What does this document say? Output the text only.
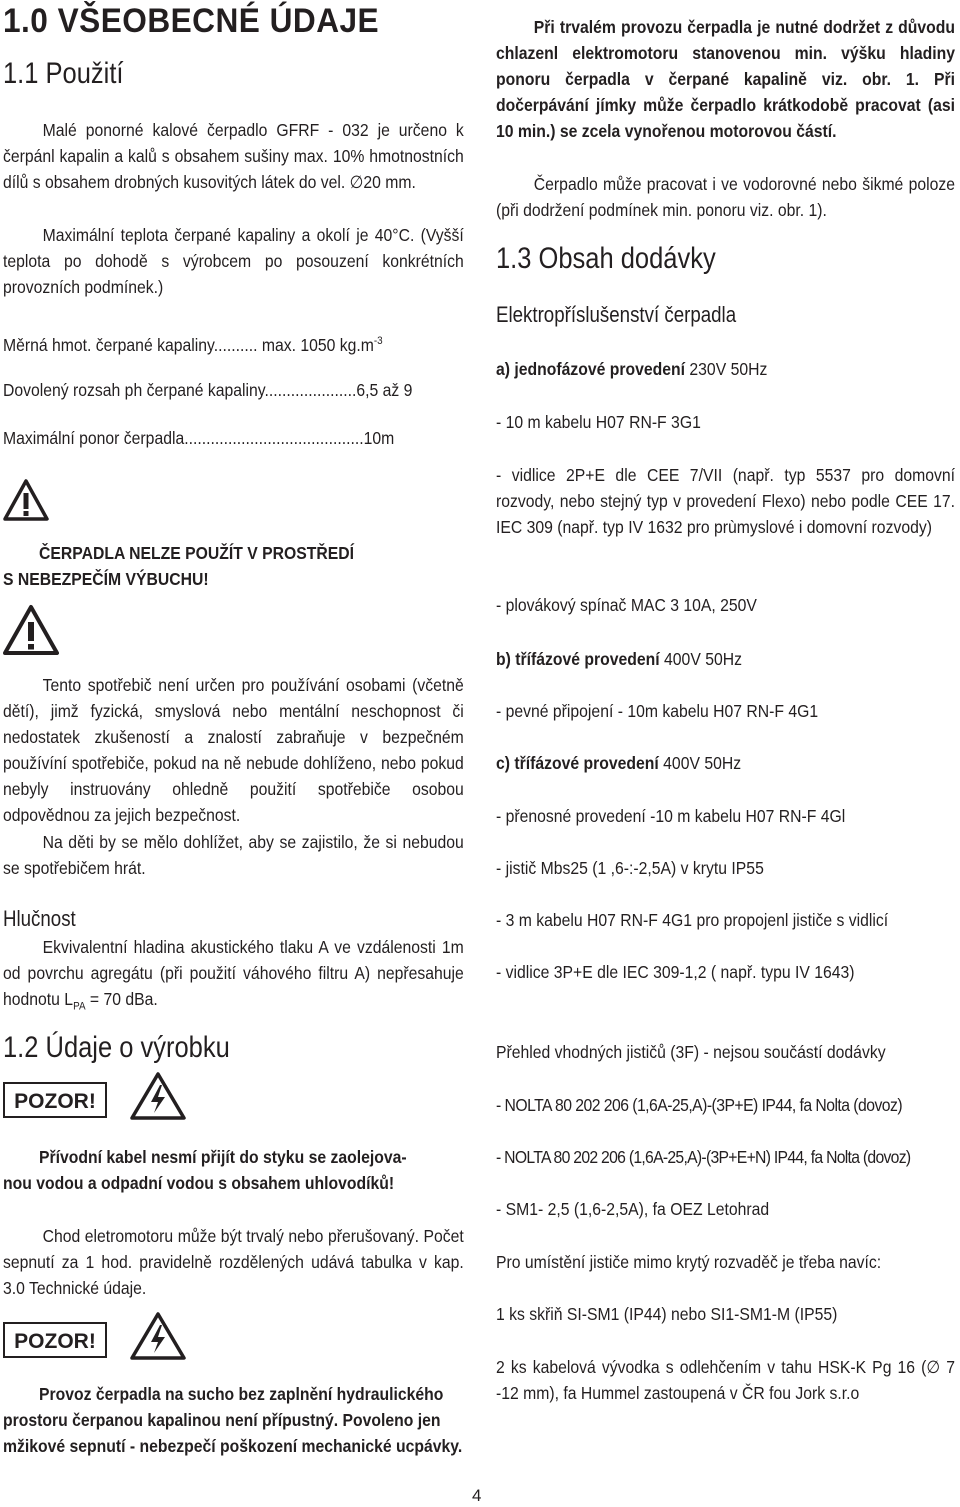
1.0 VŠEOBECNÉ ÚDAJE
1.1 Použití
Malé ponorné kalové čerpadlo GFRF - 032 je určeno k čerpánl kapalin a kalů s obsahem sušiny max. 10% hmotnostních dílů s obsahem drobných kusovitých látek do vel. ∅20 mm.
Maximální teplota čerpané kapaliny a okolí je 40°C. (Vyšší teplota po dohodě s výrobcem po posouzení konkrétních provozních podmínek.)
Měrná hmot. čerpané kapaliny.......... max. 1050 $kg.m^{-3}$
Dovolený rozsah ph čerpané kapaliny.....................6,5 až 9
Maximální ponor čerpadla.........................................10m
ČERPADLA NELZE POUŽÍT V PROSTŘEDÍ
S NEBEZPEČÍM VÝBUCHU!
Tento spotřebič není určen pro používání osobami (včetně dětí), jimž fyzická, smyslová nebo mentální neschopnost či nedostatek zkušeností a znalostí zabraňuje v bezpečném používíní spotřebiče, pokud na ně nebude dohlíženo, nebo pokud nebyly instruovány ohledně použití spotřebiče osobou odpovědnou za jejich bezpečnost.
Na děti by se mělo dohlížet, aby se zajistilo, že si nebudou se spotřebičem hrát.
Hlučnost
Ekvivalentní hladina akustického tlaku A ve vzdálenosti 1m od povrchu agregátu (při použití váhového filtru A) nepřesahuje hodnotu $L_{PA} = 70$ dBa.
1.2 Údaje o výrobku
POZOR!
Přívodní kabel nesmí přijít do styku se zaolejova-
nou vodou a odpadní vodou s obsahem uhlovodíků!
Chod eletromotoru může být trvalý nebo přerušovaný. Počet sepnutí za 1 hod. pravidelně rozdělených udává tabulka v kap. 3.0 Technické údaje.
POZOR!
Provoz čerpadla na sucho bez zaplnění hydraulického
prostoru čerpanou kapalinou není přípustný. Povoleno jen
mžikové sepnutí - nebezpečí poškození mechanické ucpávky.
Při trvalém provozu čerpadla je nutné dodržet z důvodu chlazenl elektromotoru stanovenou min. výšku hladiny ponoru čerpadla v čerpané kapalině viz. obr. 1. Při dočerpávání jímky může čerpadlo krátkodobě pracovat (asi 10 min.) se zcela vynořenou motorovou částí.
Čerpadlo může pracovat i ve vodorovné nebo šikmé poloze (při dodržení podmínek min. ponoru viz. obr. 1).
1.3 Obsah dodávky
Elektropříslušenství čerpadla
a) jednofázové provedení 230V 50Hz
- 10 m kabelu H07 RN-F 3G1
- vidlice 2P+E dle CEE 7/VII (např. typ 5537 pro domovní rozvody, nebo stejný typ v provedení Flexo) nebo podle CEE 17. IEC 309 (např. typ IV 1632 pro prùmyslové i domovní rozvody)
- plovákový spínač MAC 3 10A, 250V
b) třífázové provedení 400V 50Hz
- pevné připojení - 10m kabelu H07 RN-F 4G1
c) třífázové provedení 400V 50Hz
- přenosné provedení -10 m kabelu H07 RN-F 4Gl
- jistič Mbs25 (1 ,6-:-2,5A) v krytu IP55
- 3 m kabelu H07 RN-F 4G1 pro propojenl jističe s vidlicí
- vidlice 3P+E dle IEC 309-1,2 ( např. typu IV 1643)
Přehled vhodných jističů (3F) - nejsou součástí dodávky
- NOLTA 80 202 206 (1,6A-25,A)-(3P+E) IP44, fa Nolta (dovoz)
- NOLTA 80 202 206 (1,6A-25,A)-(3P+E+N) IP44, fa Nolta (dovoz)
- SM1- 2,5 (1,6-2,5A), fa OEZ Letohrad
Pro umístění jističe mimo krytý rozvaděč je třeba navíc:
1 ks skřiň SI-SM1 (IP44) nebo SI1-SM1-M (IP55)
2 ks kabelová vývodka s odlehčením v tahu HSK-K Pg 16 (∅ 7 -12 mm), fa Hummel zastoupená v ČR fou Jork s.r.o
4
